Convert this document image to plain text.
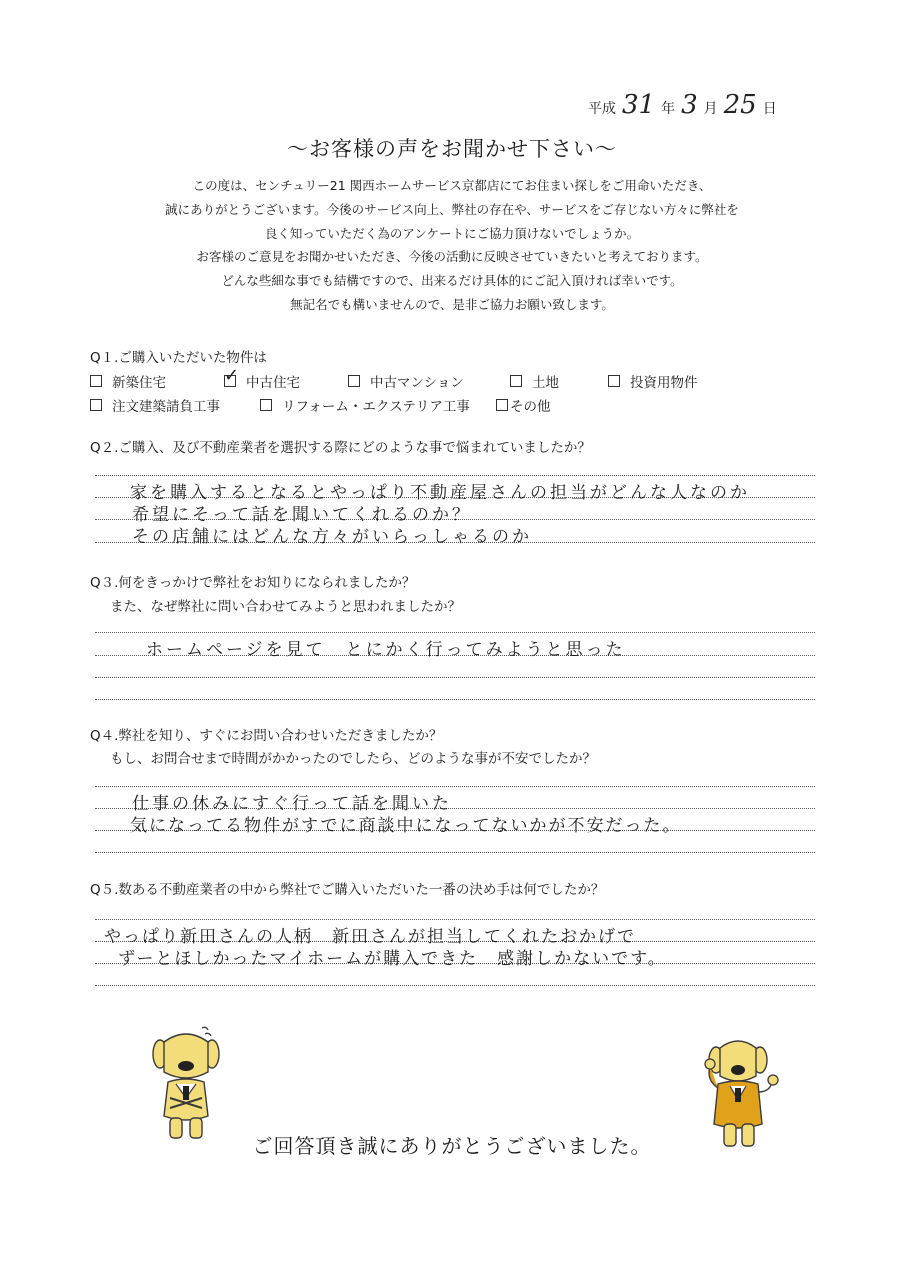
平成 31 年 3 月 25 日
〜お客様の声をお聞かせ下さい〜
この度は、センチュリー21 関西ホームサービス京都店にてお住まい探しをご用命いただき、
誠にありがとうございます。今後のサービス向上、弊社の存在や、サービスをご存じない方々に弊社を
良く知っていただく為のアンケートにご協力頂けないでしょうか。
お客様のご意見をお聞かせいただき、今後の活動に反映させていきたいと考えております。
どんな些細な事でも結構ですので、出来るだけ具体的にご記入頂ければ幸いです。
無記名でも構いませんので、是非ご協力お願い致します。
Q１.ご購入いただいた物件は
新築住宅
✓	中古住宅	中古マンション	土地	投資用物件
注文建築請負工事	リフォーム・エクステリア工事	その他
Q２.ご購入、及び不動産業者を選択する際にどのような事で悩まれていましたか？
家を購入するとなるとやっぱり不動産屋さんの担当がどんな人なのか
希望にそって話を聞いてくれるのか？
その店舗にはどんな方々がいらっしゃるのか
Q３.何をきっかけで弊社をお知りになられましたか？
また、なぜ弊社に問い合わせてみようと思われましたか？
ホームページを見て　とにかく行ってみようと思った
Q４.弊社を知り、すぐにお問い合わせいただきましたか？
もし、お問合せまで時間がかかったのでしたら、どのような事が不安でしたか？
仕事の休みにすぐ行って話を聞いた
気になってる物件がすでに商談中になってないかが不安だった。
Q５.数ある不動産業者の中から弊社でご購入いただいた一番の決め手は何でしたか？
やっぱり新田さんの人柄　新田さんが担当してくれたおかげで
ずーとほしかったマイホームが購入できた　感謝しかないです。
ご回答頂き誠にありがとうございました。
